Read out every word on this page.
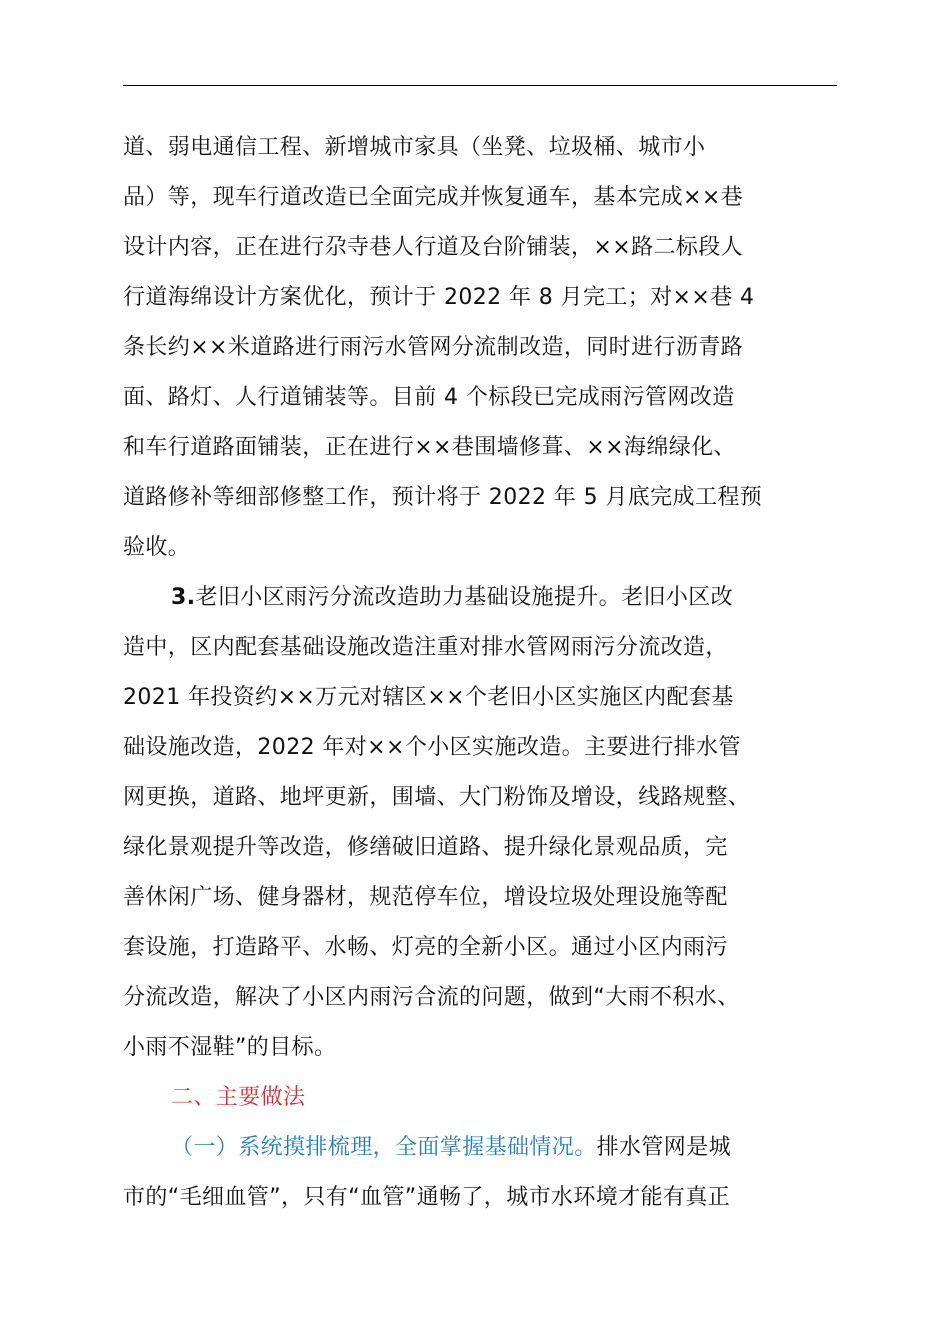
道、弱电通信工程、新增城市家具（坐凳、垃圾桶、城市小
品）等，现车行道改造已全面完成并恢复通车，基本完成××巷
设计内容，正在进行尕寺巷人行道及台阶铺装，××路二标段人
行道海绵设计方案优化，预计于 2022 年 8 月完工；对××巷 4
条长约××米道路进行雨污水管网分流制改造，同时进行沥青路
面、路灯、人行道铺装等。目前 4 个标段已完成雨污管网改造
和车行道路面铺装，正在进行××巷围墙修葺、××海绵绿化、
道路修补等细部修整工作，预计将于 2022 年 5 月底完成工程预
验收。
3.老旧小区雨污分流改造助力基础设施提升。老旧小区改
造中，区内配套基础设施改造注重对排水管网雨污分流改造，
2021 年投资约××万元对辖区××个老旧小区实施区内配套基
础设施改造，2022 年对××个小区实施改造。主要进行排水管
网更换，道路、地坪更新，围墙、大门粉饰及增设，线路规整、
绿化景观提升等改造，修缮破旧道路、提升绿化景观品质，完
善休闲广场、健身器材，规范停车位，增设垃圾处理设施等配
套设施，打造路平、水畅、灯亮的全新小区。通过小区内雨污
分流改造，解决了小区内雨污合流的问题，做到“大雨不积水、
小雨不湿鞋”的目标。
二、主要做法
（一）系统摸排梳理，全面掌握基础情况。排水管网是城
市的“毛细血管”，只有“血管”通畅了，城市水环境才能有真正
